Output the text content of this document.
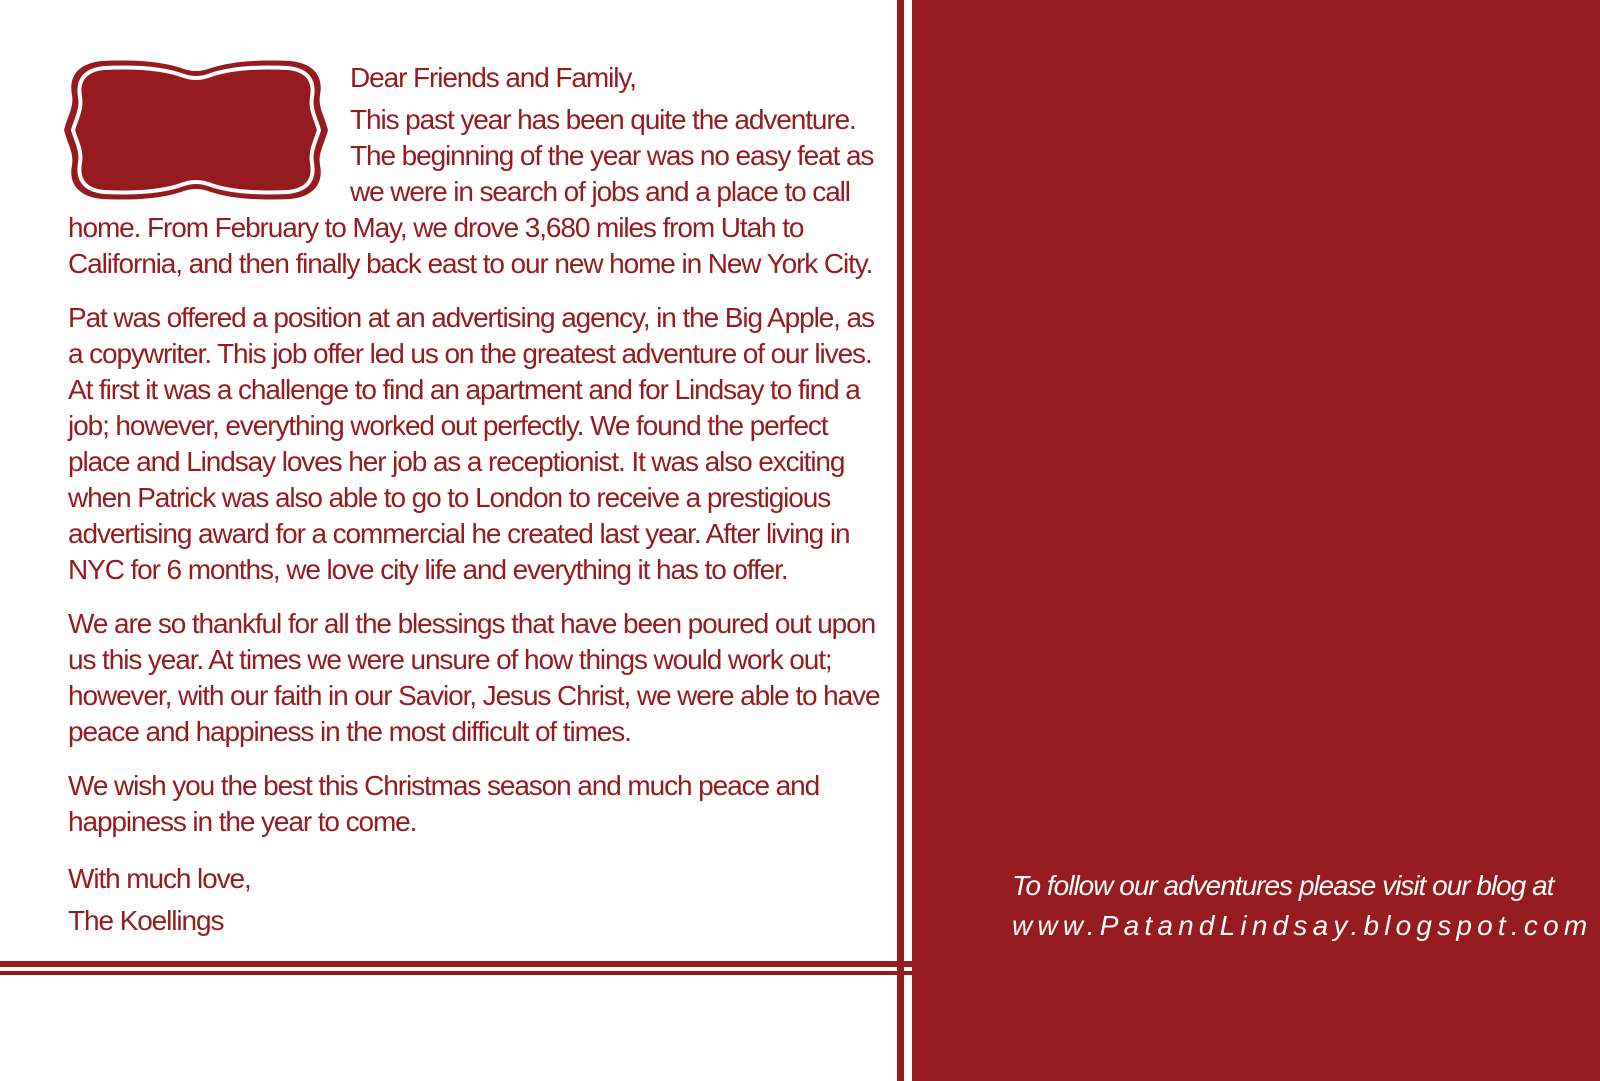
Dear Friends and Family,

This past year has been quite the adventure. The beginning of the year was no easy feat as we were in search of jobs and a place to call home. From February to May, we drove 3,680 miles from Utah to California, and then finally back east to our new home in New York City.

Pat was offered a position at an advertising agency, in the Big Apple, as a copywriter. This job offer led us on the greatest adventure of our lives. At first it was a challenge to find an apartment and for Lindsay to find a job; however, everything worked out perfectly. We found the perfect place and Lindsay loves her job as a receptionist. It was also exciting when Patrick was also able to go to London to receive a prestigious advertising award for a commercial he created last year. After living in NYC for 6 months, we love city life and everything it has to offer.

We are so thankful for all the blessings that have been poured out upon us this year. At times we were unsure of how things would work out; however, with our faith in our Savior, Jesus Christ, we were able to have peace and happiness in the most difficult of times.

We wish you the best this Christmas season and much peace and happiness in the year to come.

With much love,
The Koellings

To follow our adventures please visit our blog at
www.PatandLindsay.blogspot.com
